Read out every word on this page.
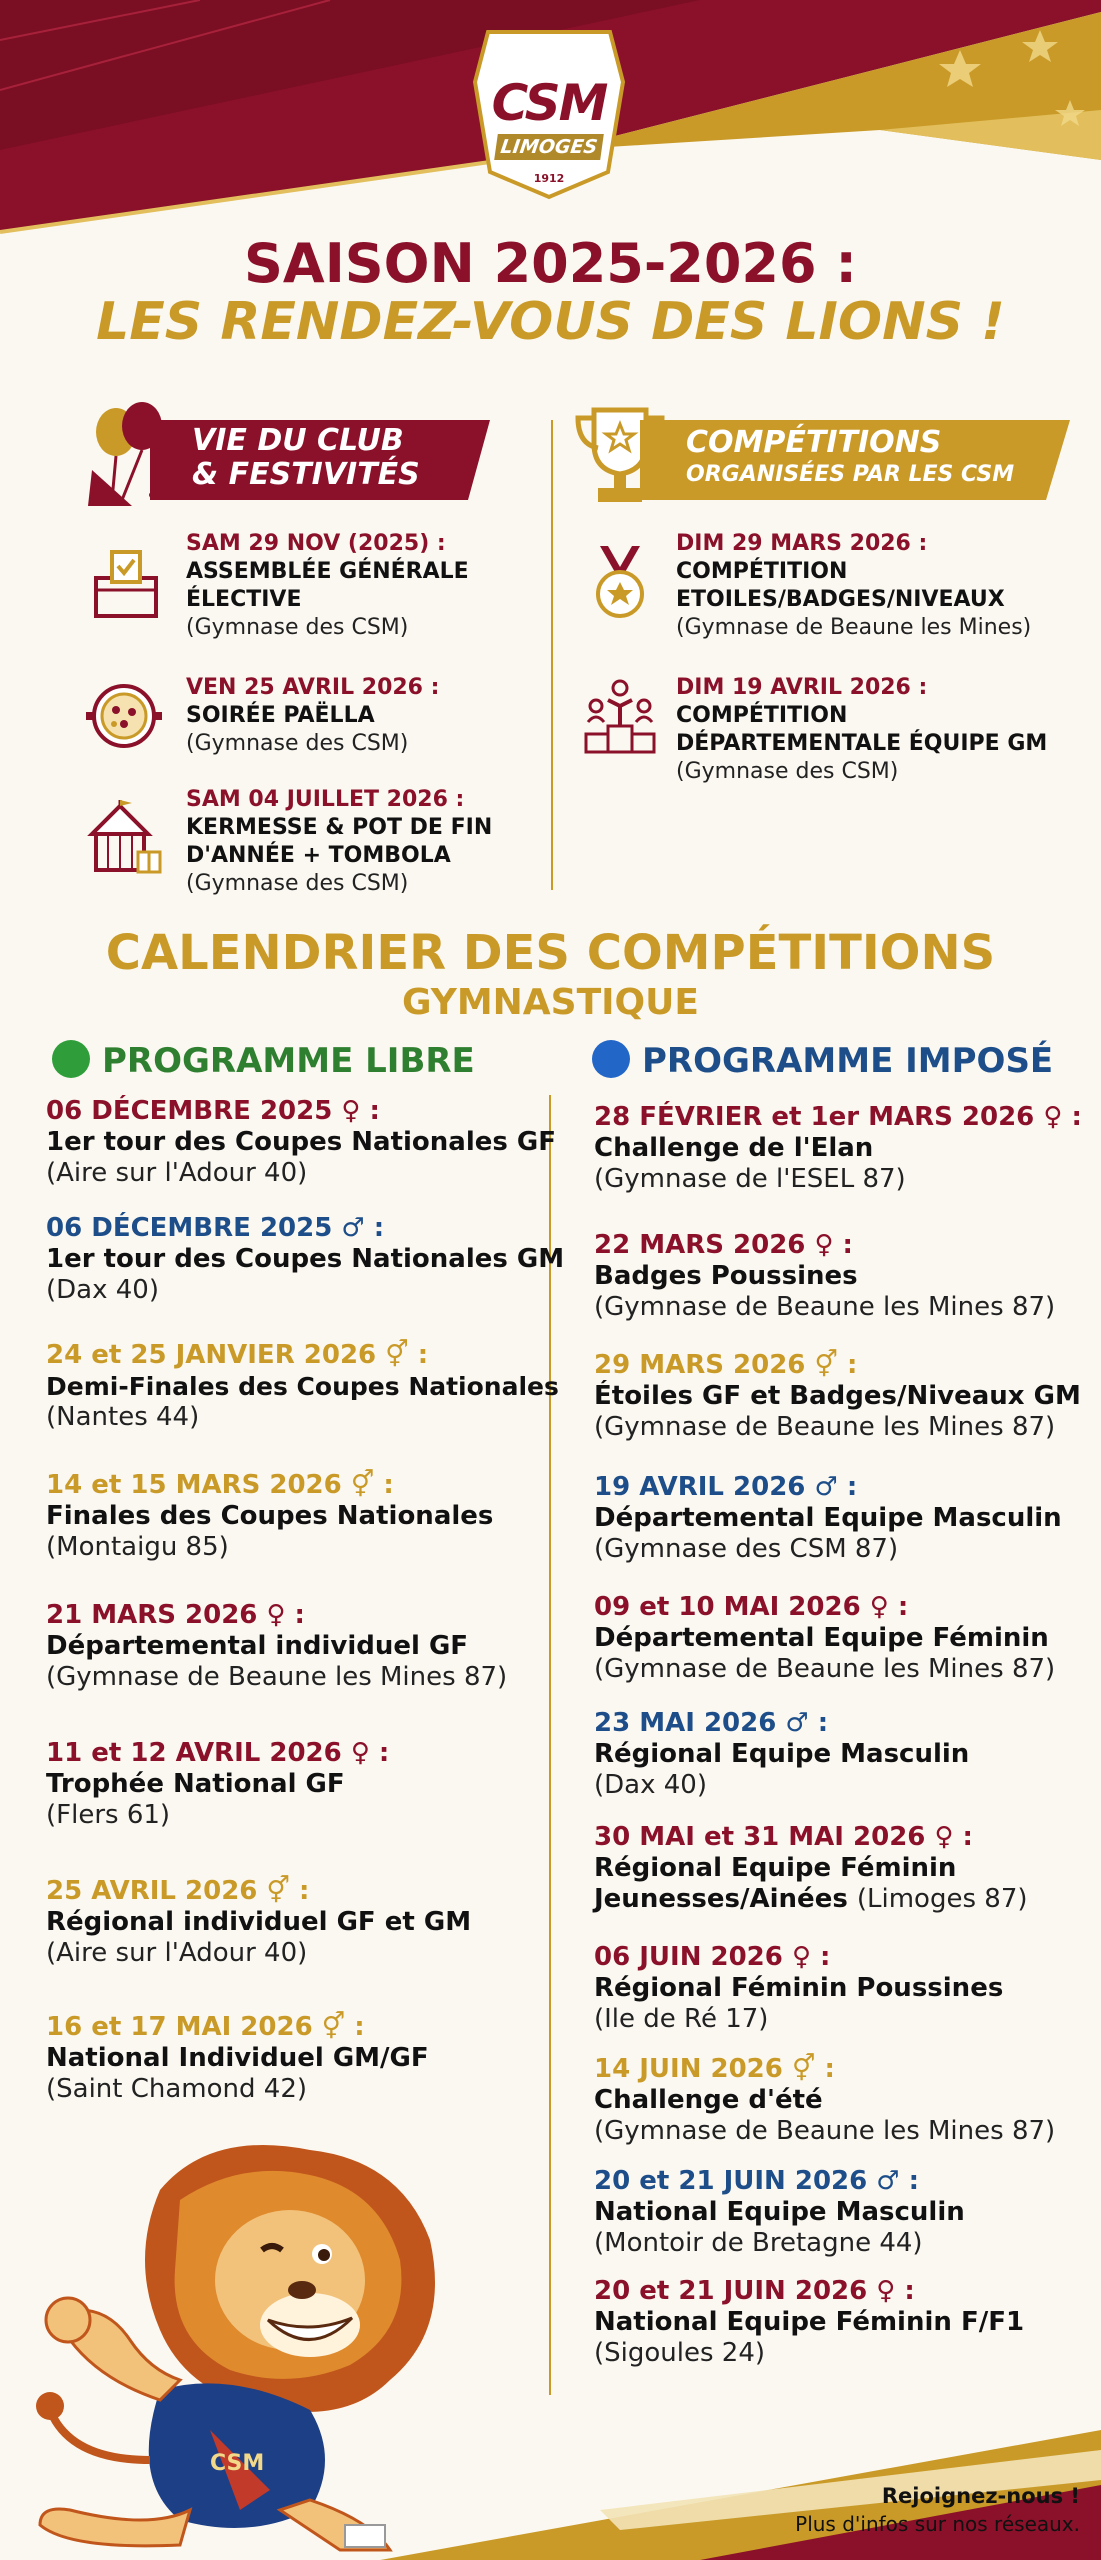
CSM
LIMOGES
1912
SAISON 2025-2026 :
LES RENDEZ-VOUS DES LIONS !
VIE DU CLUB
& FESTIVITÉS
COMPÉTITIONS
ORGANISÉES PAR LES CSM
SAM 29 NOV (2025) :
ASSEMBLÉE GÉNÉRALE
ÉLECTIVE
(Gymnase des CSM)
VEN 25 AVRIL 2026 :
SOIRÉE PAËLLA
(Gymnase des CSM)
SAM 04 JUILLET 2026 :
KERMESSE & POT DE FIN
D'ANNÉE + TOMBOLA
(Gymnase des CSM)
DIM 29 MARS 2026 :
COMPÉTITION
ETOILES/BADGES/NIVEAUX
(Gymnase de Beaune les Mines)
DIM 19 AVRIL 2026 : COMPÉTITION
DÉPARTEMENTALE ÉQUIPE GM
(Gymnase des CSM)
CALENDRIER DES COMPÉTITIONS
GYMNASTIQUE
PROGRAMME LIBRE	PROGRAMME IMPOSÉ
06 DÉCEMBRE 2025 ♀ :
1er tour des Coupes Nationales GF
(Aire sur l'Adour 40)
06 DÉCEMBRE 2025 ♂ :
1er tour des Coupes Nationales GM
(Dax 40)
24 et 25 JANVIER 2026 ⚥ :
Demi-Finales des Coupes Nationales
(Nantes 44)
14 et 15 MARS 2026 ⚥ :
Finales des Coupes Nationales
(Montaigu 85)
21 MARS 2026 ♀ :
Départemental individuel GF
(Gymnase de Beaune les Mines 87)
11 et 12 AVRIL 2026 ♀ :
Trophée National GF
(Flers 61)
25 AVRIL 2026 ⚥ :
Régional individuel GF et GM
(Aire sur l'Adour 40)
16 et 17 MAI 2026 ⚥ :
National Individuel GM/GF
(Saint Chamond 42)
28 FÉVRIER et 1er MARS 2026 ♀ :
Challenge de l'Elan
(Gymnase de l'ESEL 87)
22 MARS 2026 ♀ :
Badges Poussines
(Gymnase de Beaune les Mines 87)
29 MARS 2026 ⚥ :
Étoiles GF et Badges/Niveaux GM
(Gymnase de Beaune les Mines 87)
19 AVRIL 2026 ♂ :
Départemental Equipe Masculin
(Gymnase des CSM 87)
09 et 10 MAI 2026 ♀ :
Départemental Equipe Féminin
(Gymnase de Beaune les Mines 87)
23 MAI 2026 ♂ :
Régional Equipe Masculin
(Dax 40)
30 MAI et 31 MAI 2026 ♀ :
Régional Equipe Féminin
Jeunesses/Ainées (Limoges 87)
06 JUIN 2026 ♀ :
Régional Féminin Poussines
(Ile de Ré 17)
14 JUIN 2026 ⚥ :
Challenge d'été
(Gymnase de Beaune les Mines 87)
20 et 21 JUIN 2026 ♂ :
National Equipe Masculin
(Montoir de Bretagne 44)
20 et 21 JUIN 2026 ♀ :
National Equipe Féminin F/F1
(Sigoules 24)
Rejoignez-nous !
Plus d'infos sur nos réseaux.
CSM
